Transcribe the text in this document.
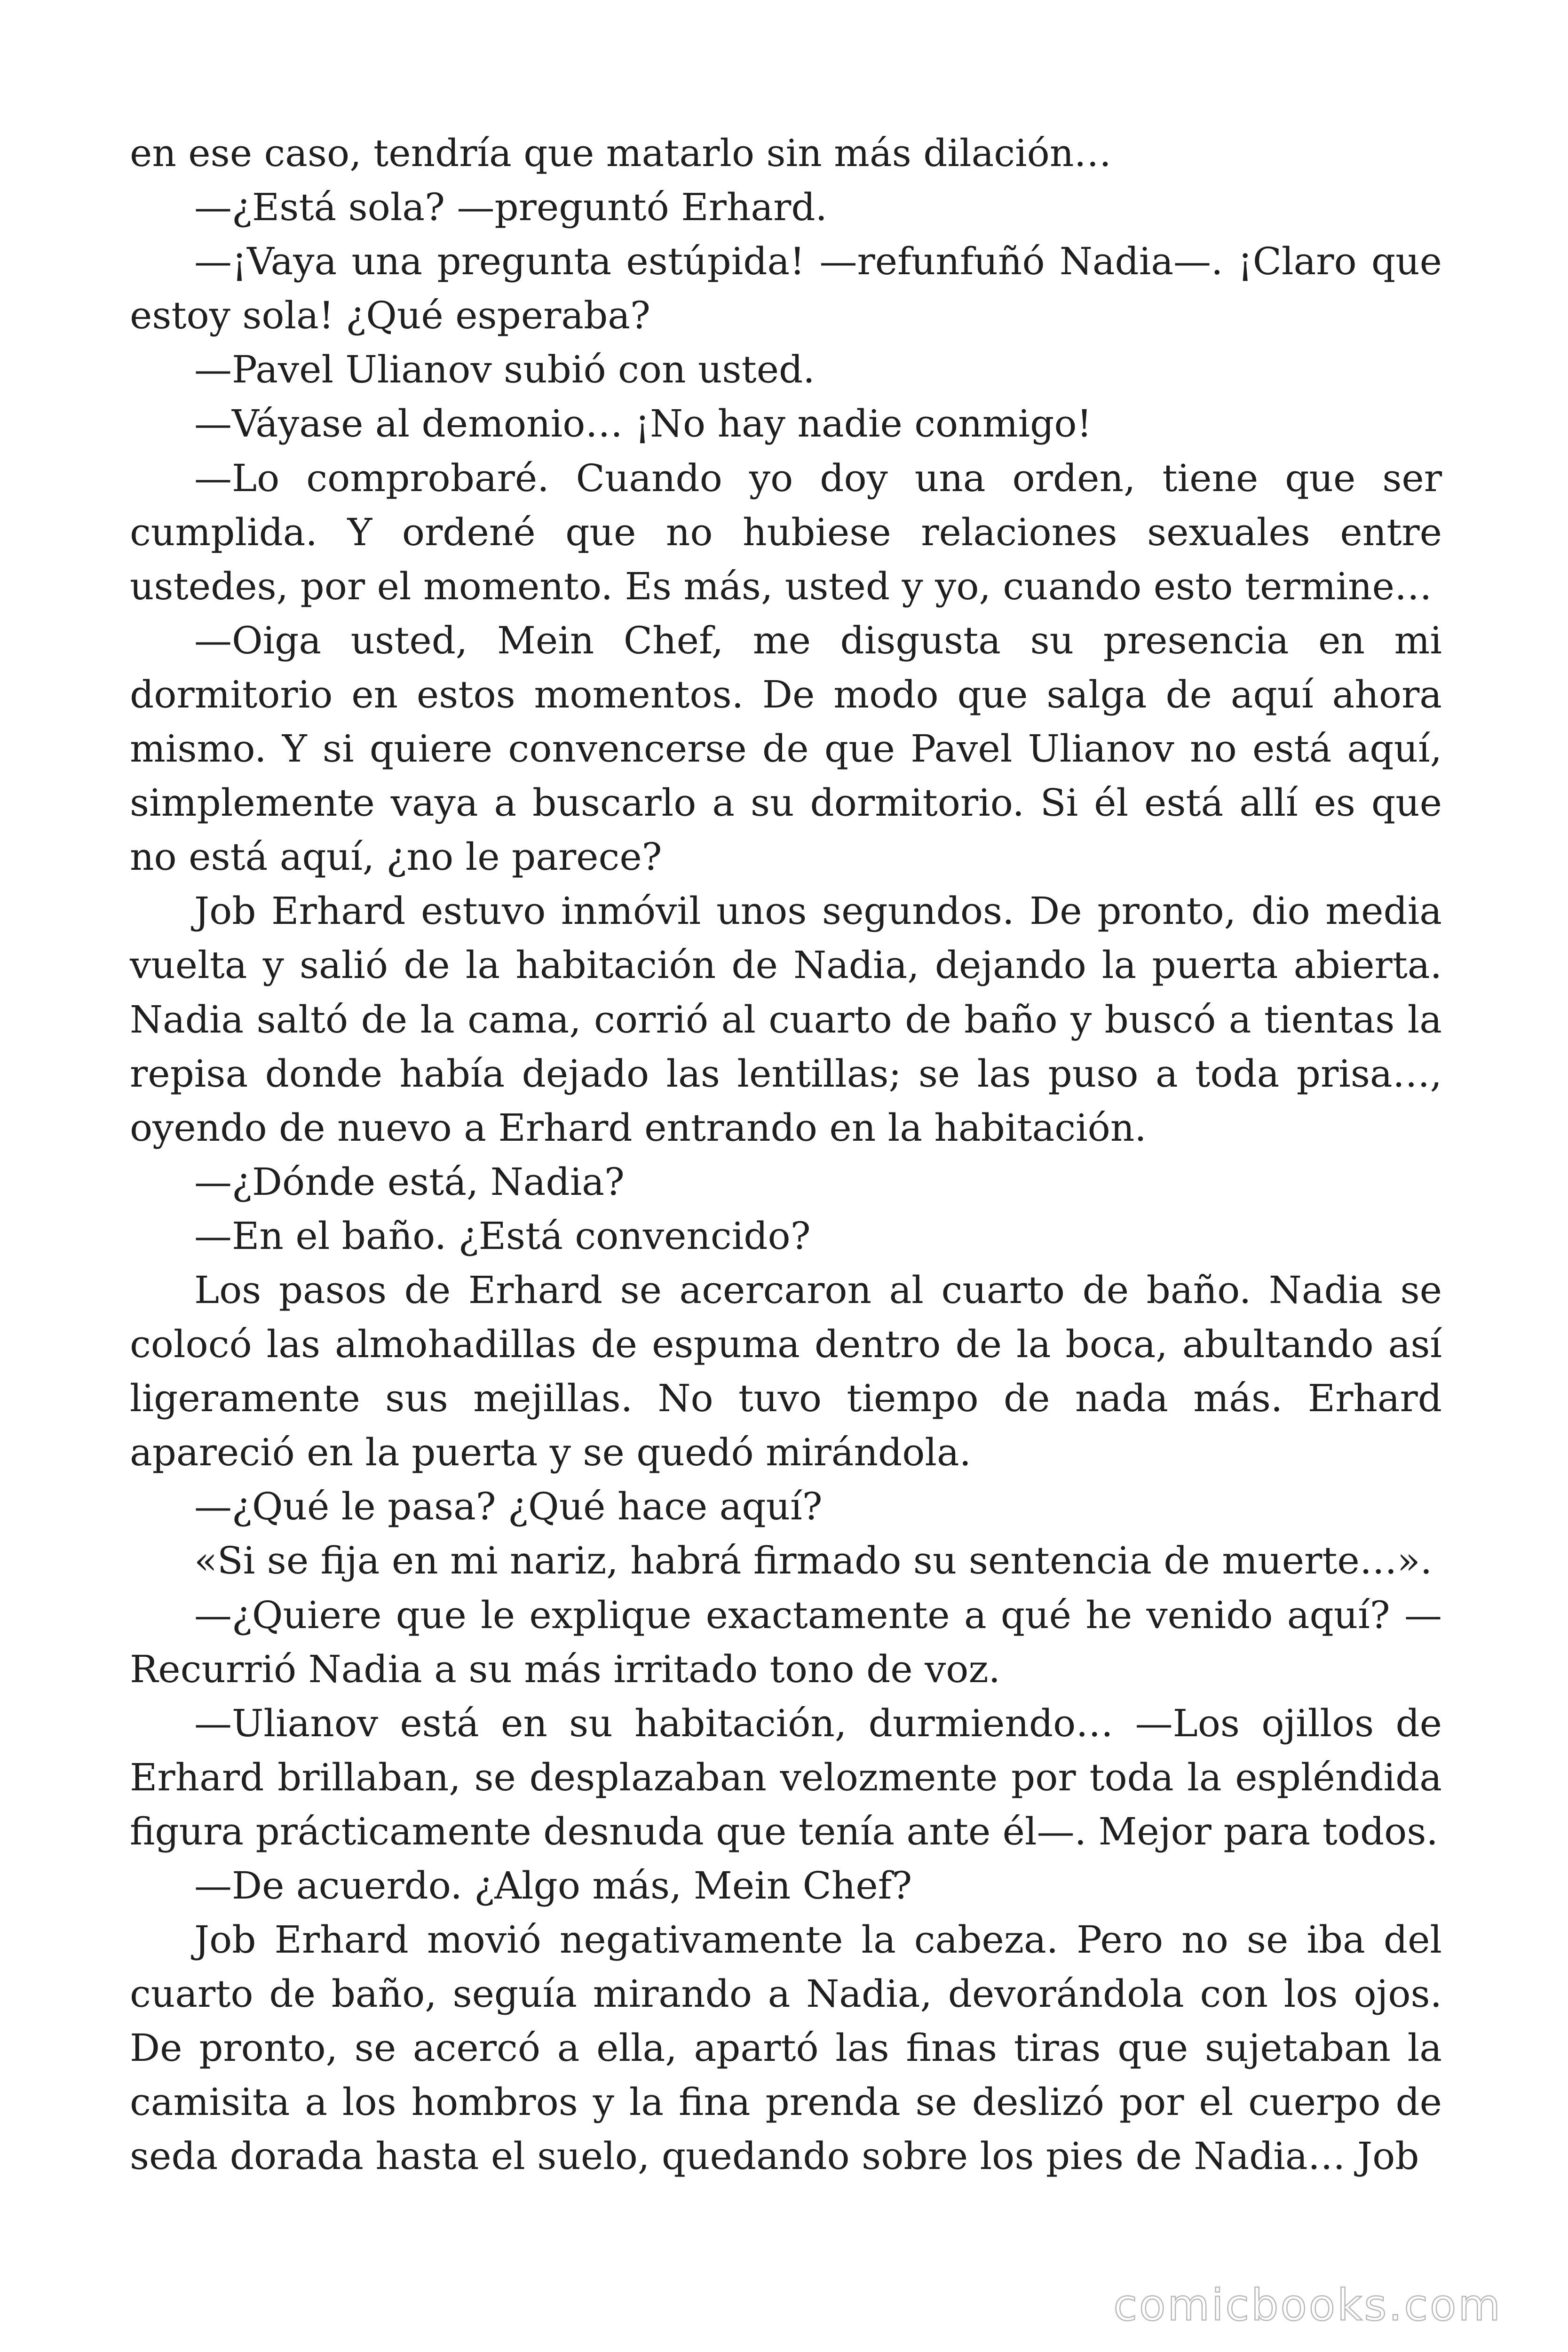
en ese caso, tendría que matarlo sin más dilación…

—¿Está sola? —preguntó Erhard.

—¡Vaya una pregunta estúpida! —refunfuñó Nadia—. ¡Claro que estoy sola! ¿Qué esperaba?

—Pavel Ulianov subió con usted.

—Váyase al demonio… ¡No hay nadie conmigo!

—Lo comprobaré. Cuando yo doy una orden, tiene que ser cumplida. Y ordené que no hubiese relaciones sexuales entre ustedes, por el momento. Es más, usted y yo, cuando esto termine…

—Oiga usted, Mein Chef, me disgusta su presencia en mi dormitorio en estos momentos. De modo que salga de aquí ahora mismo. Y si quiere convencerse de que Pavel Ulianov no está aquí, simplemente vaya a buscarlo a su dormitorio. Si él está allí es que no está aquí, ¿no le parece?

Job Erhard estuvo inmóvil unos segundos. De pronto, dio media vuelta y salió de la habitación de Nadia, dejando la puerta abierta. Nadia saltó de la cama, corrió al cuarto de baño y buscó a tientas la repisa donde había dejado las lentillas; se las puso a toda prisa…, oyendo de nuevo a Erhard entrando en la habitación.

—¿Dónde está, Nadia?

—En el baño. ¿Está convencido?

Los pasos de Erhard se acercaron al cuarto de baño. Nadia se colocó las almohadillas de espuma dentro de la boca, abultando así ligeramente sus mejillas. No tuvo tiempo de nada más. Erhard apareció en la puerta y se quedó mirándola.

—¿Qué le pasa? ¿Qué hace aquí?

«Si se fija en mi nariz, habrá firmado su sentencia de muerte…».

—¿Quiere que le explique exactamente a qué he venido aquí? —Recurrió Nadia a su más irritado tono de voz.

—Ulianov está en su habitación, durmiendo… —Los ojillos de Erhard brillaban, se desplazaban velozmente por toda la espléndida figura prácticamente desnuda que tenía ante él—. Mejor para todos.

—De acuerdo. ¿Algo más, Mein Chef?

Job Erhard movió negativamente la cabeza. Pero no se iba del cuarto de baño, seguía mirando a Nadia, devorándola con los ojos. De pronto, se acercó a ella, apartó las finas tiras que sujetaban la camisita a los hombros y la fina prenda se deslizó por el cuerpo de seda dorada hasta el suelo, quedando sobre los pies de Nadia… Job

comicbooks.com
